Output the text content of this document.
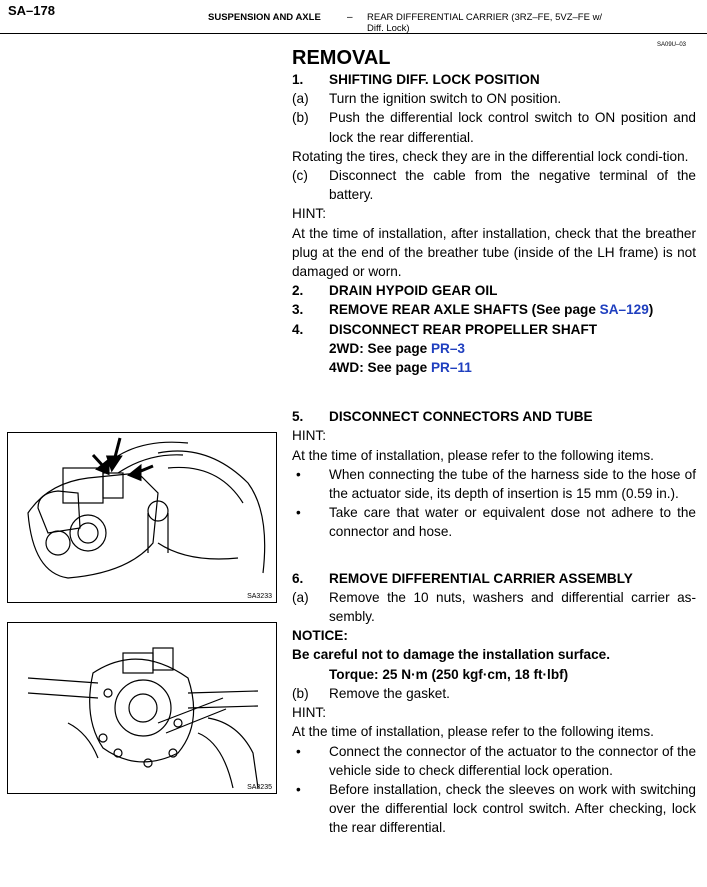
SA–178	SUSPENSION AND AXLE	– REAR DIFFERENTIAL CARRIER (3RZ–FE, 5VZ–FE w/
Diff. Lock)
SA09U–03
SA3233
SA3235

REMOVAL

1.	SHIFTING DIFF. LOCK POSITION
(a)	Turn the ignition switch to ON position.
(b)	Push the differential lock control switch to ON position and lock the rear differential.

Rotating the tires, check they are in the differential lock condi-tion.

(c)	Disconnect the cable from the negative terminal of the battery.

HINT:

At the time of installation, after installation, check that the breather plug at the end of the breather tube (inside of the LH frame) is not damaged or worn.

2.	DRAIN HYPOID GEAR OIL
3.	REMOVE REAR AXLE SHAFTS (See page SA–129)
4.	DISCONNECT REAR PROPELLER SHAFT
2WD: See page PR–3
4WD: See page PR–11
5.	DISCONNECT CONNECTORS AND TUBE

HINT:

At the time of installation, please refer to the following items.

•	When connecting the tube of the harness side to the hose of the actuator side, its depth of insertion is 15 mm (0.59 in.).
•	Take care that water or equivalent dose not adhere to the connector and hose.
6.	REMOVE DIFFERENTIAL CARRIER ASSEMBLY
(a)	Remove the 10 nuts, washers and differential carrier as-sembly.

NOTICE:

Be careful not to damage the installation surface.

Torque: 25 N·m (250 kgf·cm, 18 ft·lbf)

(b)	Remove the gasket.

HINT:

At the time of installation, please refer to the following items.

•	Connect the connector of the actuator to the connector of the vehicle side to check differential lock operation.
•	Before installation, check the sleeves on work with switching over the differential lock control switch. After checking, lock the rear differential.
